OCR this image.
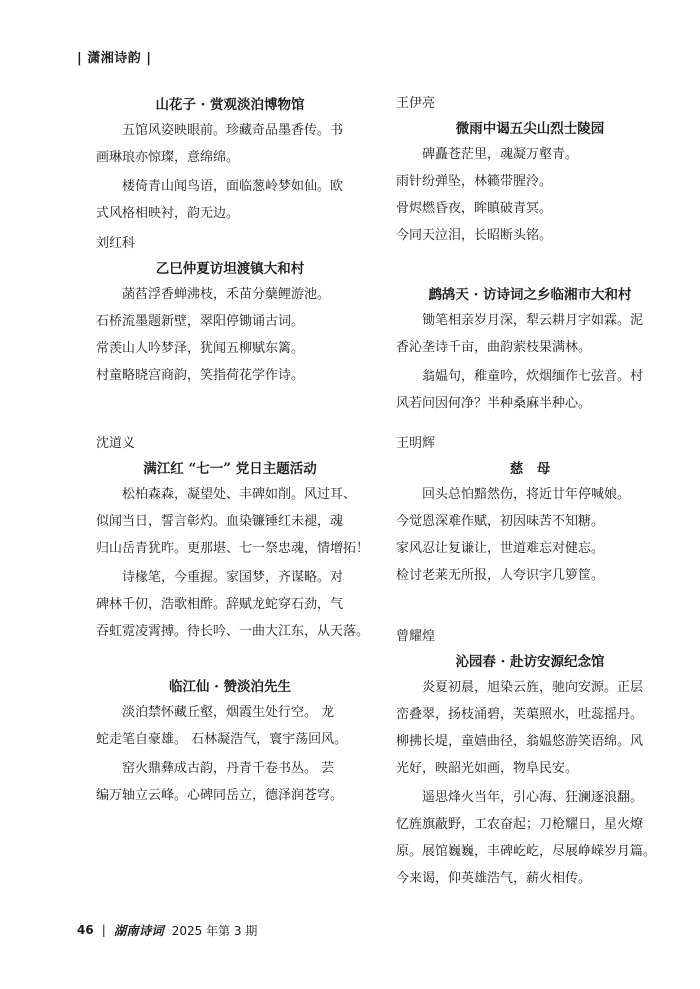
| 潇湘诗韵 |
山花子 · 赏观淡泊博物馆

五馆风姿映眼前。珍藏奇品墨香传。书

画琳琅亦惊璨，意绵绵。

楼倚青山闻鸟语，面临葱岭梦如仙。欧

式风格相映衬，韵无边。

刘红科
乙巳仲夏访坦渡镇大和村

菡萏浮香蝉沸枝，禾苗分蘖鲤游池。

石桥流墨题新壁，翠阳停锄诵古词。

常羡山人吟梦泽，犹闻五柳赋东篱。

村童略晓宫商韵，笑指荷花学作诗。

沈道义
满江红 “七一” 党日主题活动

松柏森森，凝望处、丰碑如削。风过耳、

似闻当日，誓言彰灼。血染镰锤红未褪，魂

归山岳青犹昨。更那堪、七一祭忠魂，情增拓！

诗椽笔，今重握。家国梦，齐谋略。对

碑林千仞，浩歌相酢。辞赋龙蛇穿石劲，气

吞虹霓凌霄搏。待长吟、一曲大江东，从天落。

临江仙 · 赞淡泊先生

淡泊禁怀藏丘壑，烟霞生处行空。 龙

蛇走笔自豪雄。 石林凝浩气，寰宇荡回风。

窑火鼎彝成古韵，丹青千卷书丛。 芸

编万轴立云峰。心碑同岳立，德泽润苍穹。

王伊亮
微雨中谒五尖山烈士陵园

碑矗苍茫里，魂凝万壑青。

雨针纷弹坠，林籁带腥泠。

骨烬燃昏夜，眸瞋破青冥。

今同天泣泪，长昭断头铭。

鹧鸪天 · 访诗词之乡临湘市大和村

锄笔相亲岁月深，犁云耕月字如霖。泥

香沁垄诗千亩，曲韵萦枝果满林。

翁媪句，稚童吟，炊烟缅作七弦音。村

风若问因何净？半种桑麻半种心。

王明辉
慈　母

回头总怕黯然伤，将近廿年停喊娘。

今觉恩深难作赋，初因味苦不知糖。

家风忍让复谦让，世道难忘对健忘。

检讨老莱无所报，人夸识字几箩筐。

曾耀煌
沁园春 · 赴访安源纪念馆

炎夏初晨，旭染云旌，驰向安源。正层

峦叠翠，扬枝涌碧，芙蕖照水，吐蕊摇丹。

柳拂长堤，童嬉曲径，翁媪悠游笑语绵。风

光好，映韶光如画，物阜民安。

遥思烽火当年，引心海、狂澜逐浪翻。

忆旌旗蔽野，工农奋起；刀枪耀日，星火燎

原。展馆巍巍，丰碑屹屹，尽展峥嵘岁月篇。

今来谒，仰英雄浩气，薪火相传。

46 | 湖南诗词 2025 年第 3 期
